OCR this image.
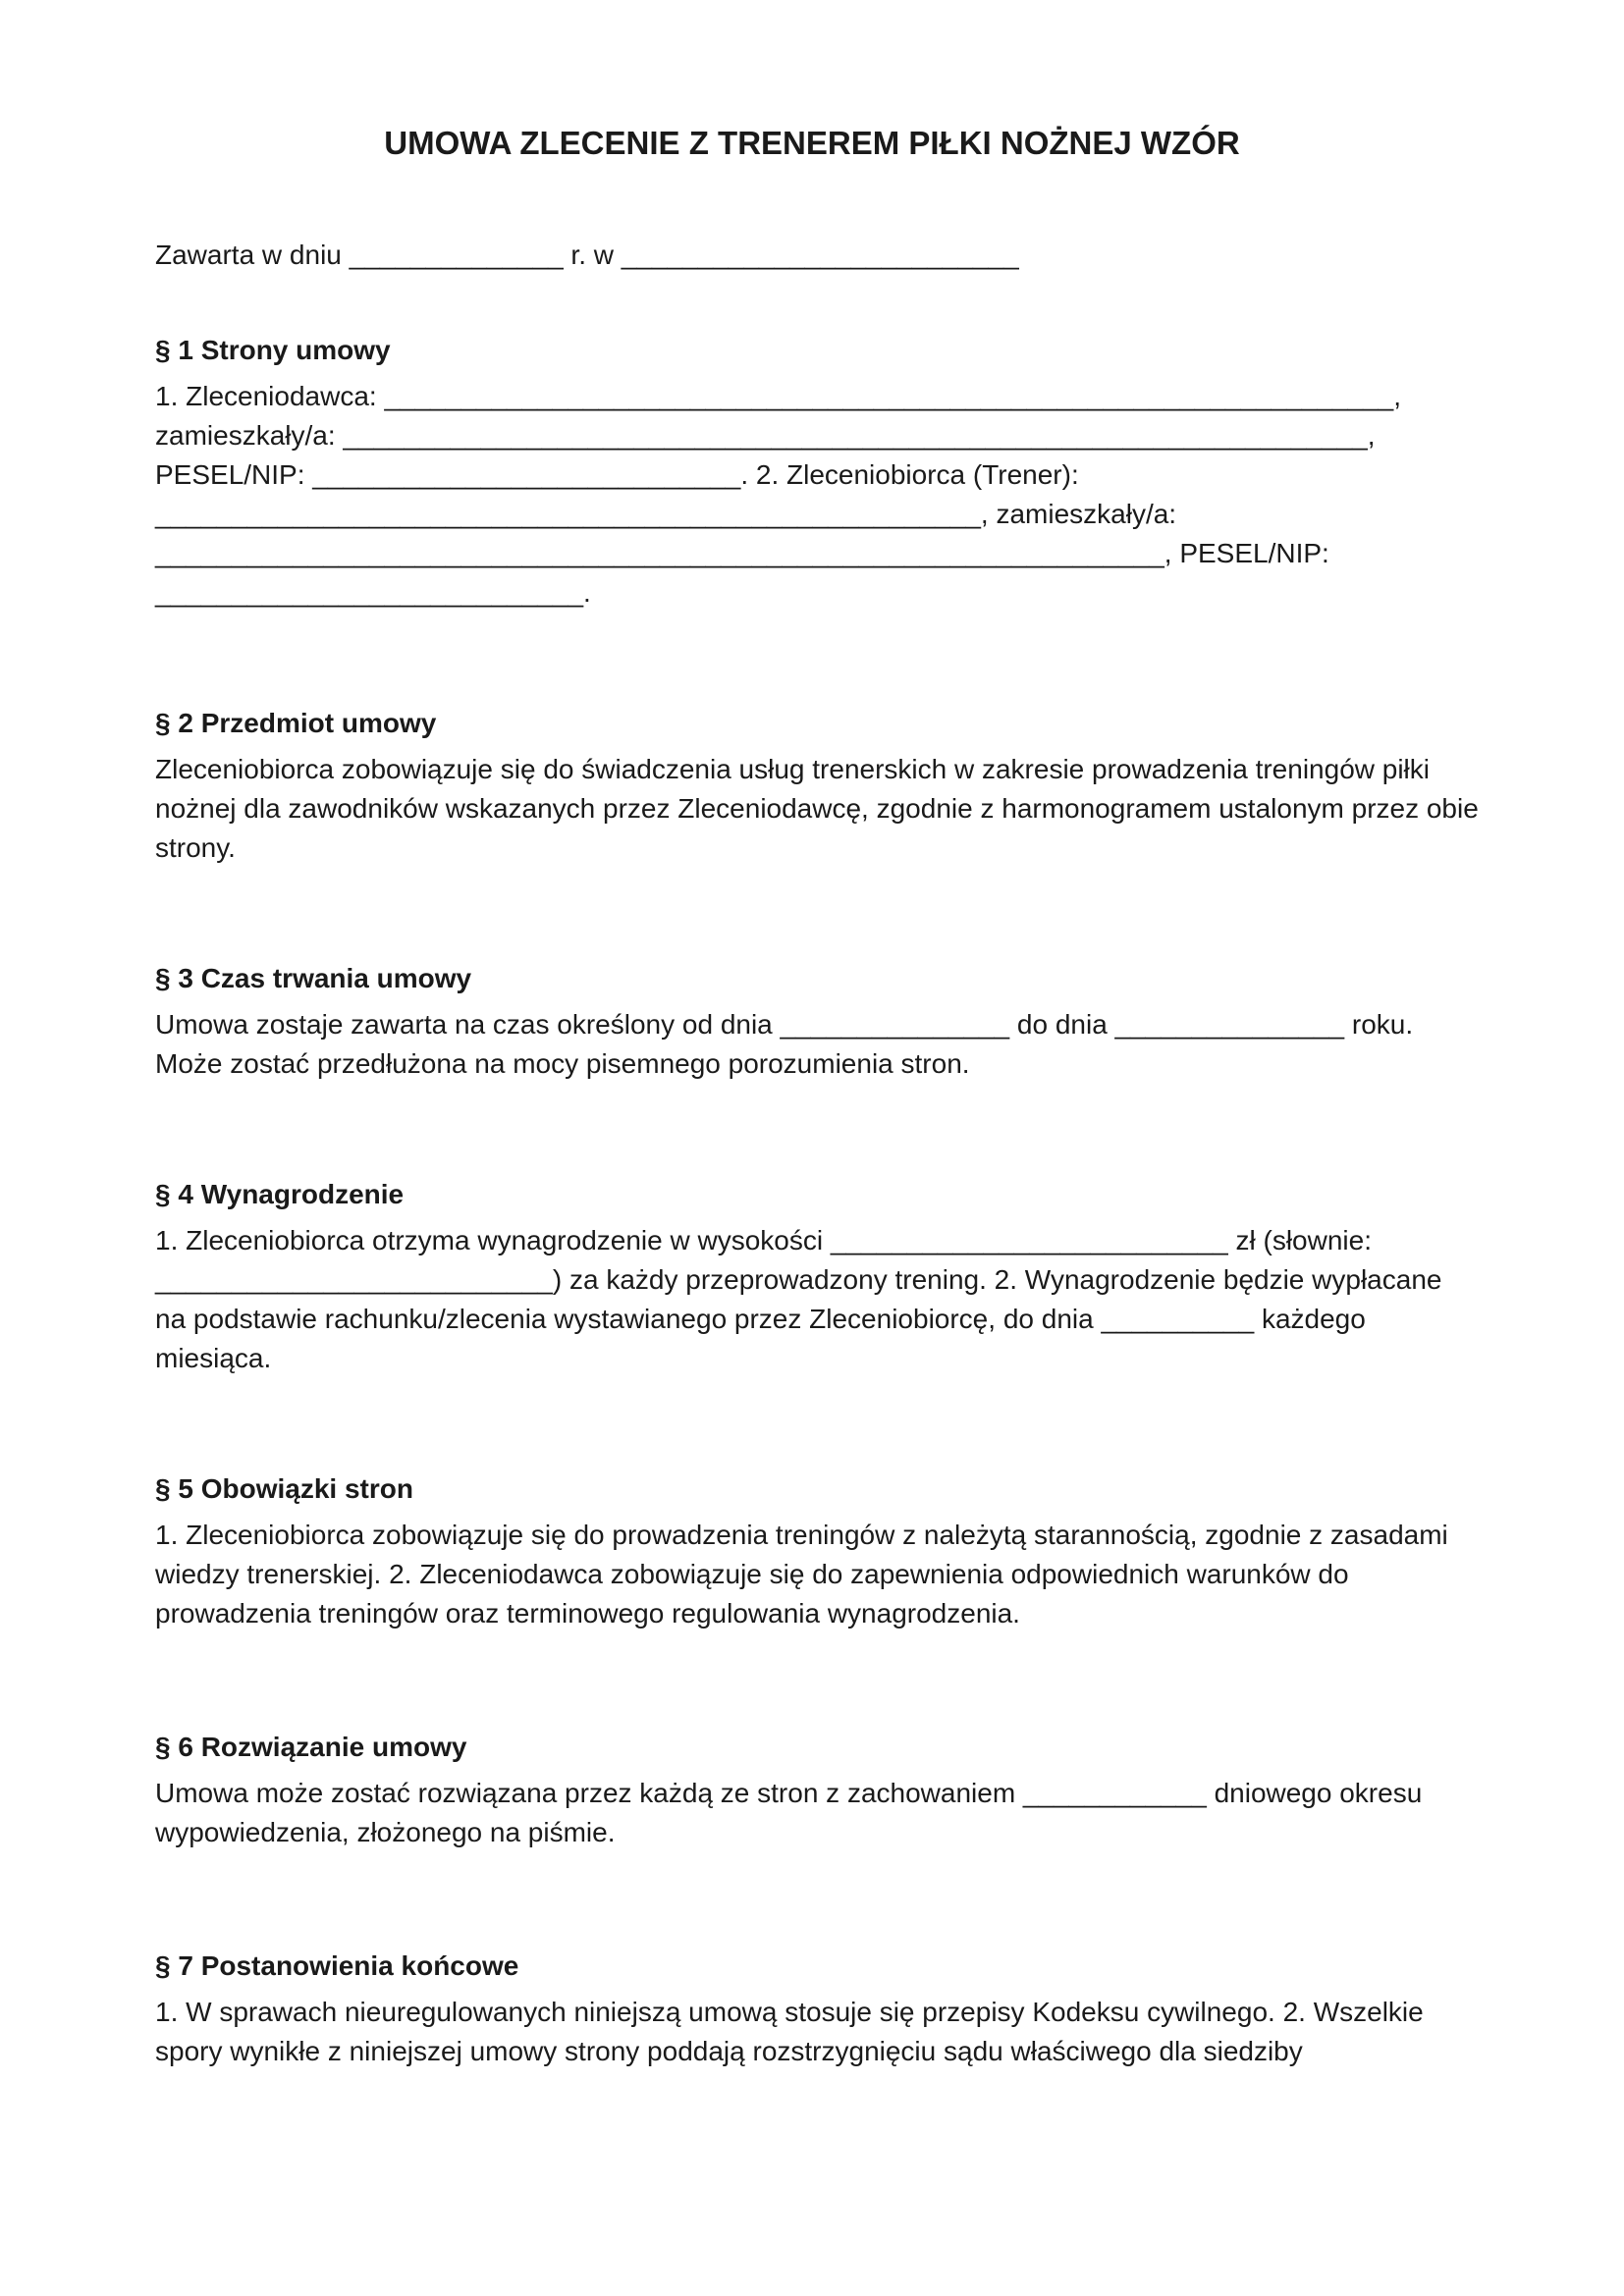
UMOWA ZLECENIE Z TRENEREM PIŁKI NOŻNEJ WZÓR

Zawarta w dniu ______________ r. w __________________________

§ 1 Strony umowy

1. Zleceniodawca: __________________________________________________________________,

zamieszkały/a: ___________________________________________________________________,

PESEL/NIP: ____________________________. 2. Zleceniobiorca (Trener):

______________________________________________________, zamieszkały/a:

__________________________________________________________________, PESEL/NIP:

____________________________.

§ 2 Przedmiot umowy

Zleceniobiorca zobowiązuje się do świadczenia usług trenerskich w zakresie prowadzenia treningów piłki

nożnej dla zawodników wskazanych przez Zleceniodawcę, zgodnie z harmonogramem ustalonym przez obie

strony.

§ 3 Czas trwania umowy

Umowa zostaje zawarta na czas określony od dnia _______________ do dnia _______________ roku.

Może zostać przedłużona na mocy pisemnego porozumienia stron.

§ 4 Wynagrodzenie

1. Zleceniobiorca otrzyma wynagrodzenie w wysokości __________________________ zł (słownie:

__________________________) za każdy przeprowadzony trening. 2. Wynagrodzenie będzie wypłacane

na podstawie rachunku/zlecenia wystawianego przez Zleceniobiorcę, do dnia __________ każdego

miesiąca.

§ 5 Obowiązki stron

1. Zleceniobiorca zobowiązuje się do prowadzenia treningów z należytą starannością, zgodnie z zasadami

wiedzy trenerskiej. 2. Zleceniodawca zobowiązuje się do zapewnienia odpowiednich warunków do

prowadzenia treningów oraz terminowego regulowania wynagrodzenia.

§ 6 Rozwiązanie umowy

Umowa może zostać rozwiązana przez każdą ze stron z zachowaniem ____________ dniowego okresu

wypowiedzenia, złożonego na piśmie.

§ 7 Postanowienia końcowe

1. W sprawach nieuregulowanych niniejszą umową stosuje się przepisy Kodeksu cywilnego. 2. Wszelkie

spory wynikłe z niniejszej umowy strony poddają rozstrzygnięciu sądu właściwego dla siedziby
